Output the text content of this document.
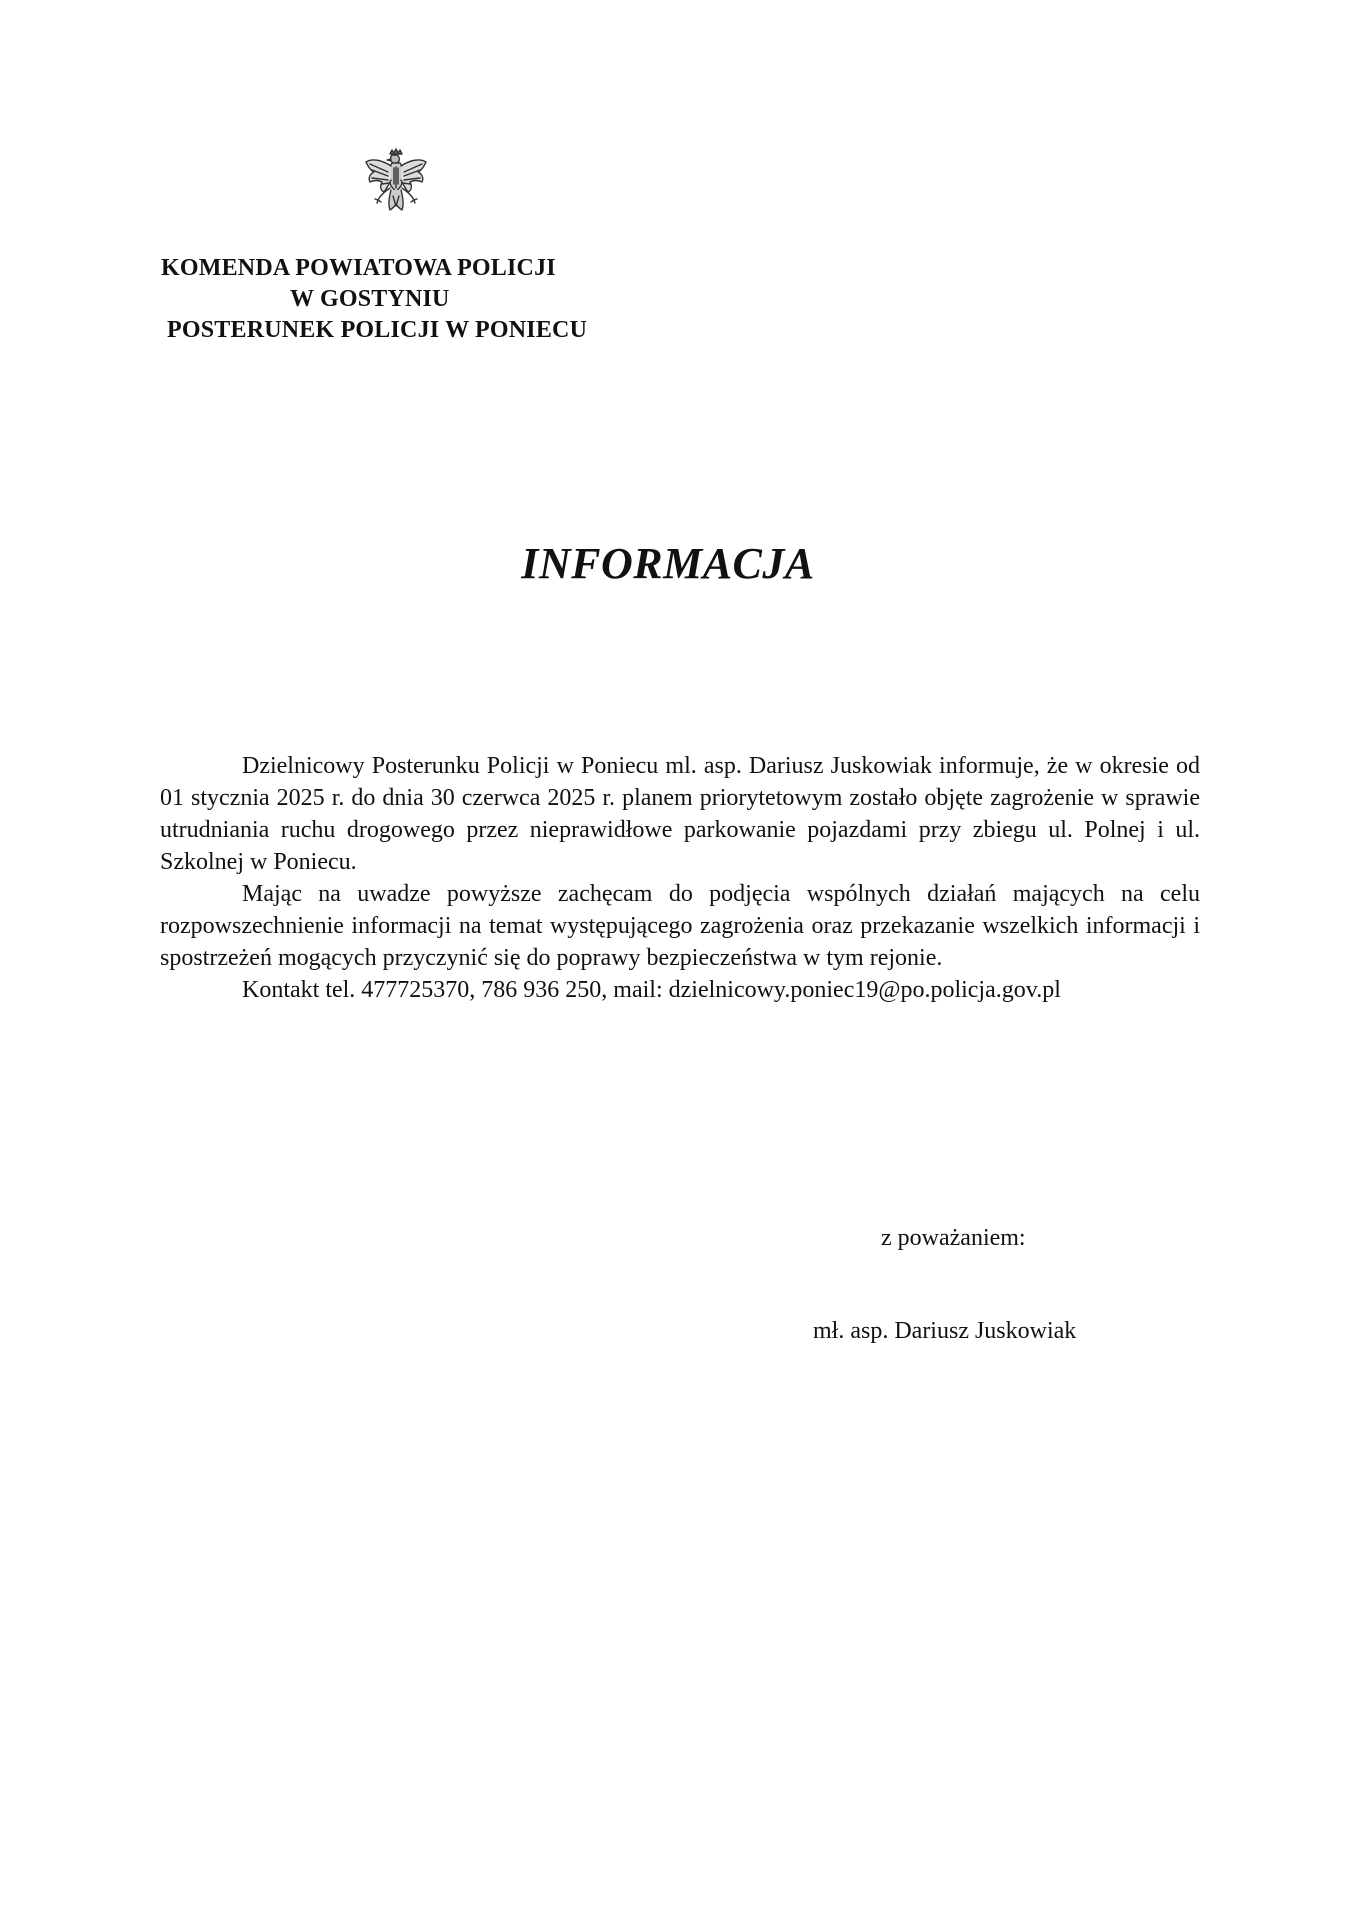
KOMENDA POWIATOWA POLICJI
W GOSTYNIU
POSTERUNEK POLICJI W PONIECU
INFORMACJA

Dzielnicowy Posterunku Policji w Poniecu ml. asp. Dariusz Juskowiak informuje, że w okresie od 01 stycznia 2025 r. do dnia 30 czerwca 2025 r. planem priorytetowym zostało objęte zagrożenie w sprawie utrudniania ruchu drogowego przez nieprawidłowe parkowanie pojazdami przy zbiegu ul. Polnej i ul. Szkolnej w Poniecu.

Mając na uwadze powyższe zachęcam do podjęcia wspólnych działań mających na celu rozpowszechnienie informacji na temat występującego zagrożenia oraz przekazanie wszelkich informacji i spostrzeżeń mogących przyczynić się do poprawy bezpieczeństwa w tym rejonie.

Kontakt tel. 477725370, 786 936 250, mail: dzielnicowy.poniec19@po.policja.gov.pl

z poważaniem:
mł. asp. Dariusz Juskowiak
